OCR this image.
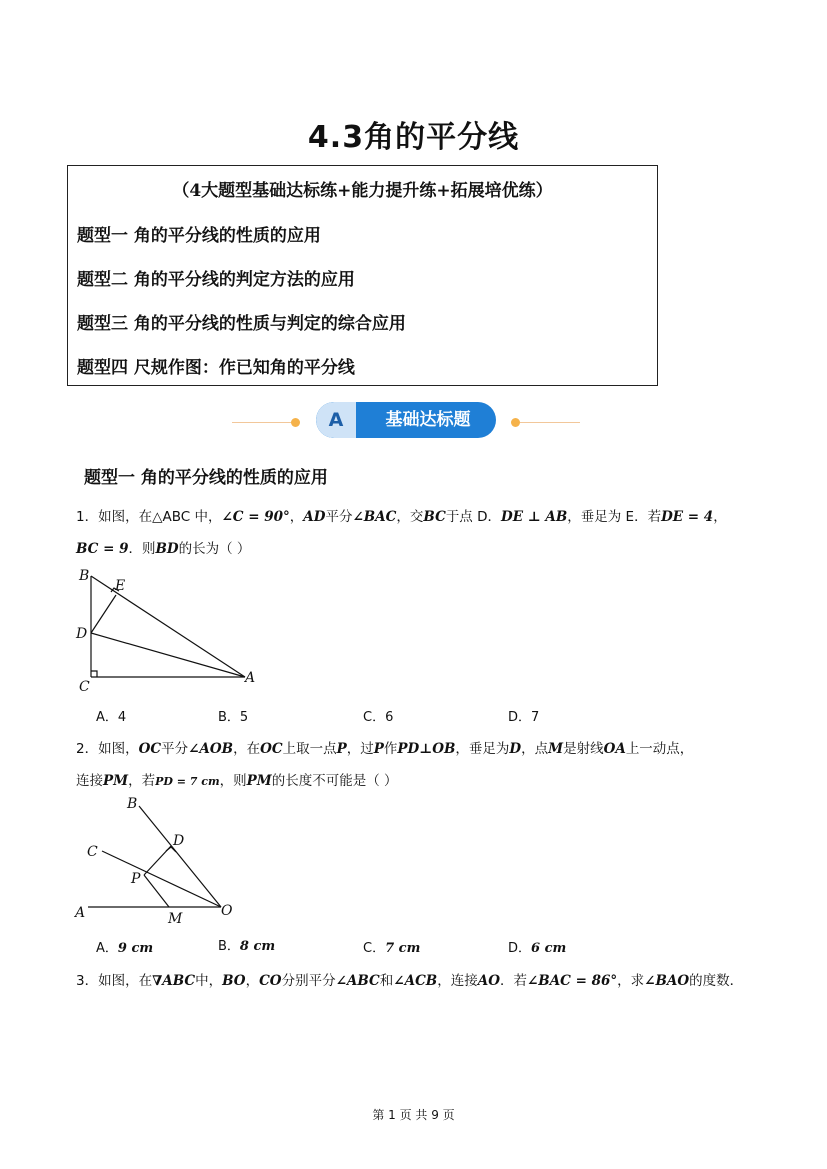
4.3角的平分线
（4大题型基础达标练+能力提升练+拓展培优练）
题型一 角的平分线的性质的应用
题型二 角的平分线的判定方法的应用
题型三 角的平分线的性质与判定的综合应用
题型四 尺规作图：作已知角的平分线
A	基础达标题
题型一 角的平分线的性质的应用
1．如图，在△ABC 中，∠C = 90°，AD平分∠BAC，交BC于点 D．DE ⊥ AB，垂足为 E．若DE = 4，
BC = 9．则BD的长为（ ）
B
E
D
C
A
A．4	B．5	C．6	D．7
2．如图，OC平分∠AOB，在OC上取一点P，过P作PD⊥OB，垂足为D，点M是射线OA上一动点，
连接PM，若PD = 7 cm，则PM的长度不可能是（ ）
B
D
C
P
A	M	O
A．9 cm	B．8 cm	C．7 cm	D．6 cm
3．如图，在∇ABC中，BO，CO分别平分∠ABC和∠ACB，连接AO．若∠BAC = 86°，求∠BAO的度数．
第 1 页 共 9 页
